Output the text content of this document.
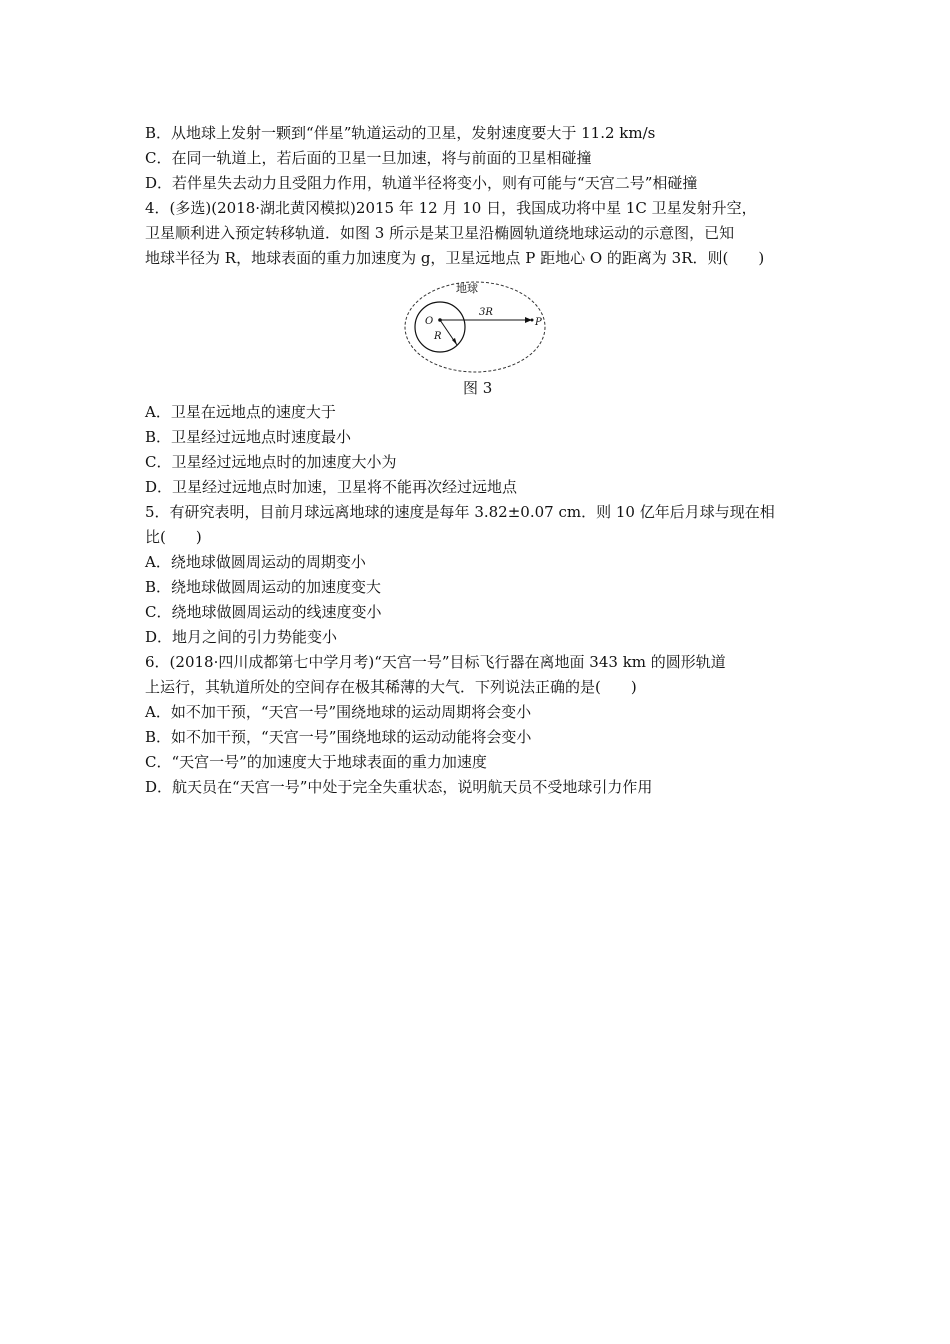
B．从地球上发射一颗到“伴星”轨道运动的卫星，发射速度要大于 11.2 km/s
C．在同一轨道上，若后面的卫星一旦加速，将与前面的卫星相碰撞
D．若伴星失去动力且受阻力作用，轨道半径将变小，则有可能与“天宫二号”相碰撞
4．(多选)(2018·湖北黄冈模拟)2015 年 12 月 10 日，我国成功将中星 1C 卫星发射升空，
卫星顺利进入预定转移轨道．如图 3 所示是某卫星沿椭圆轨道绕地球运动的示意图，已知
地球半径为 R，地球表面的重力加速度为 g，卫星远地点 P 距地心 O 的距离为 3R．则(　　)
地球
3R
O
R
P
图 3
A．卫星在远地点的速度大于
B．卫星经过远地点时速度最小
C．卫星经过远地点时的加速度大小为
D．卫星经过远地点时加速，卫星将不能再次经过远地点
5．有研究表明，目前月球远离地球的速度是每年 3.82±0.07 cm．则 10 亿年后月球与现在相
比(　　)
A．绕地球做圆周运动的周期变小
B．绕地球做圆周运动的加速度变大
C．绕地球做圆周运动的线速度变小
D．地月之间的引力势能变小
6．(2018·四川成都第七中学月考)“天宫一号”目标飞行器在离地面 343 km 的圆形轨道
上运行，其轨道所处的空间存在极其稀薄的大气．下列说法正确的是(　　)
A．如不加干预，“天宫一号”围绕地球的运动周期将会变小
B．如不加干预，“天宫一号”围绕地球的运动动能将会变小
C．“天宫一号”的加速度大于地球表面的重力加速度
D．航天员在“天宫一号”中处于完全失重状态，说明航天员不受地球引力作用
